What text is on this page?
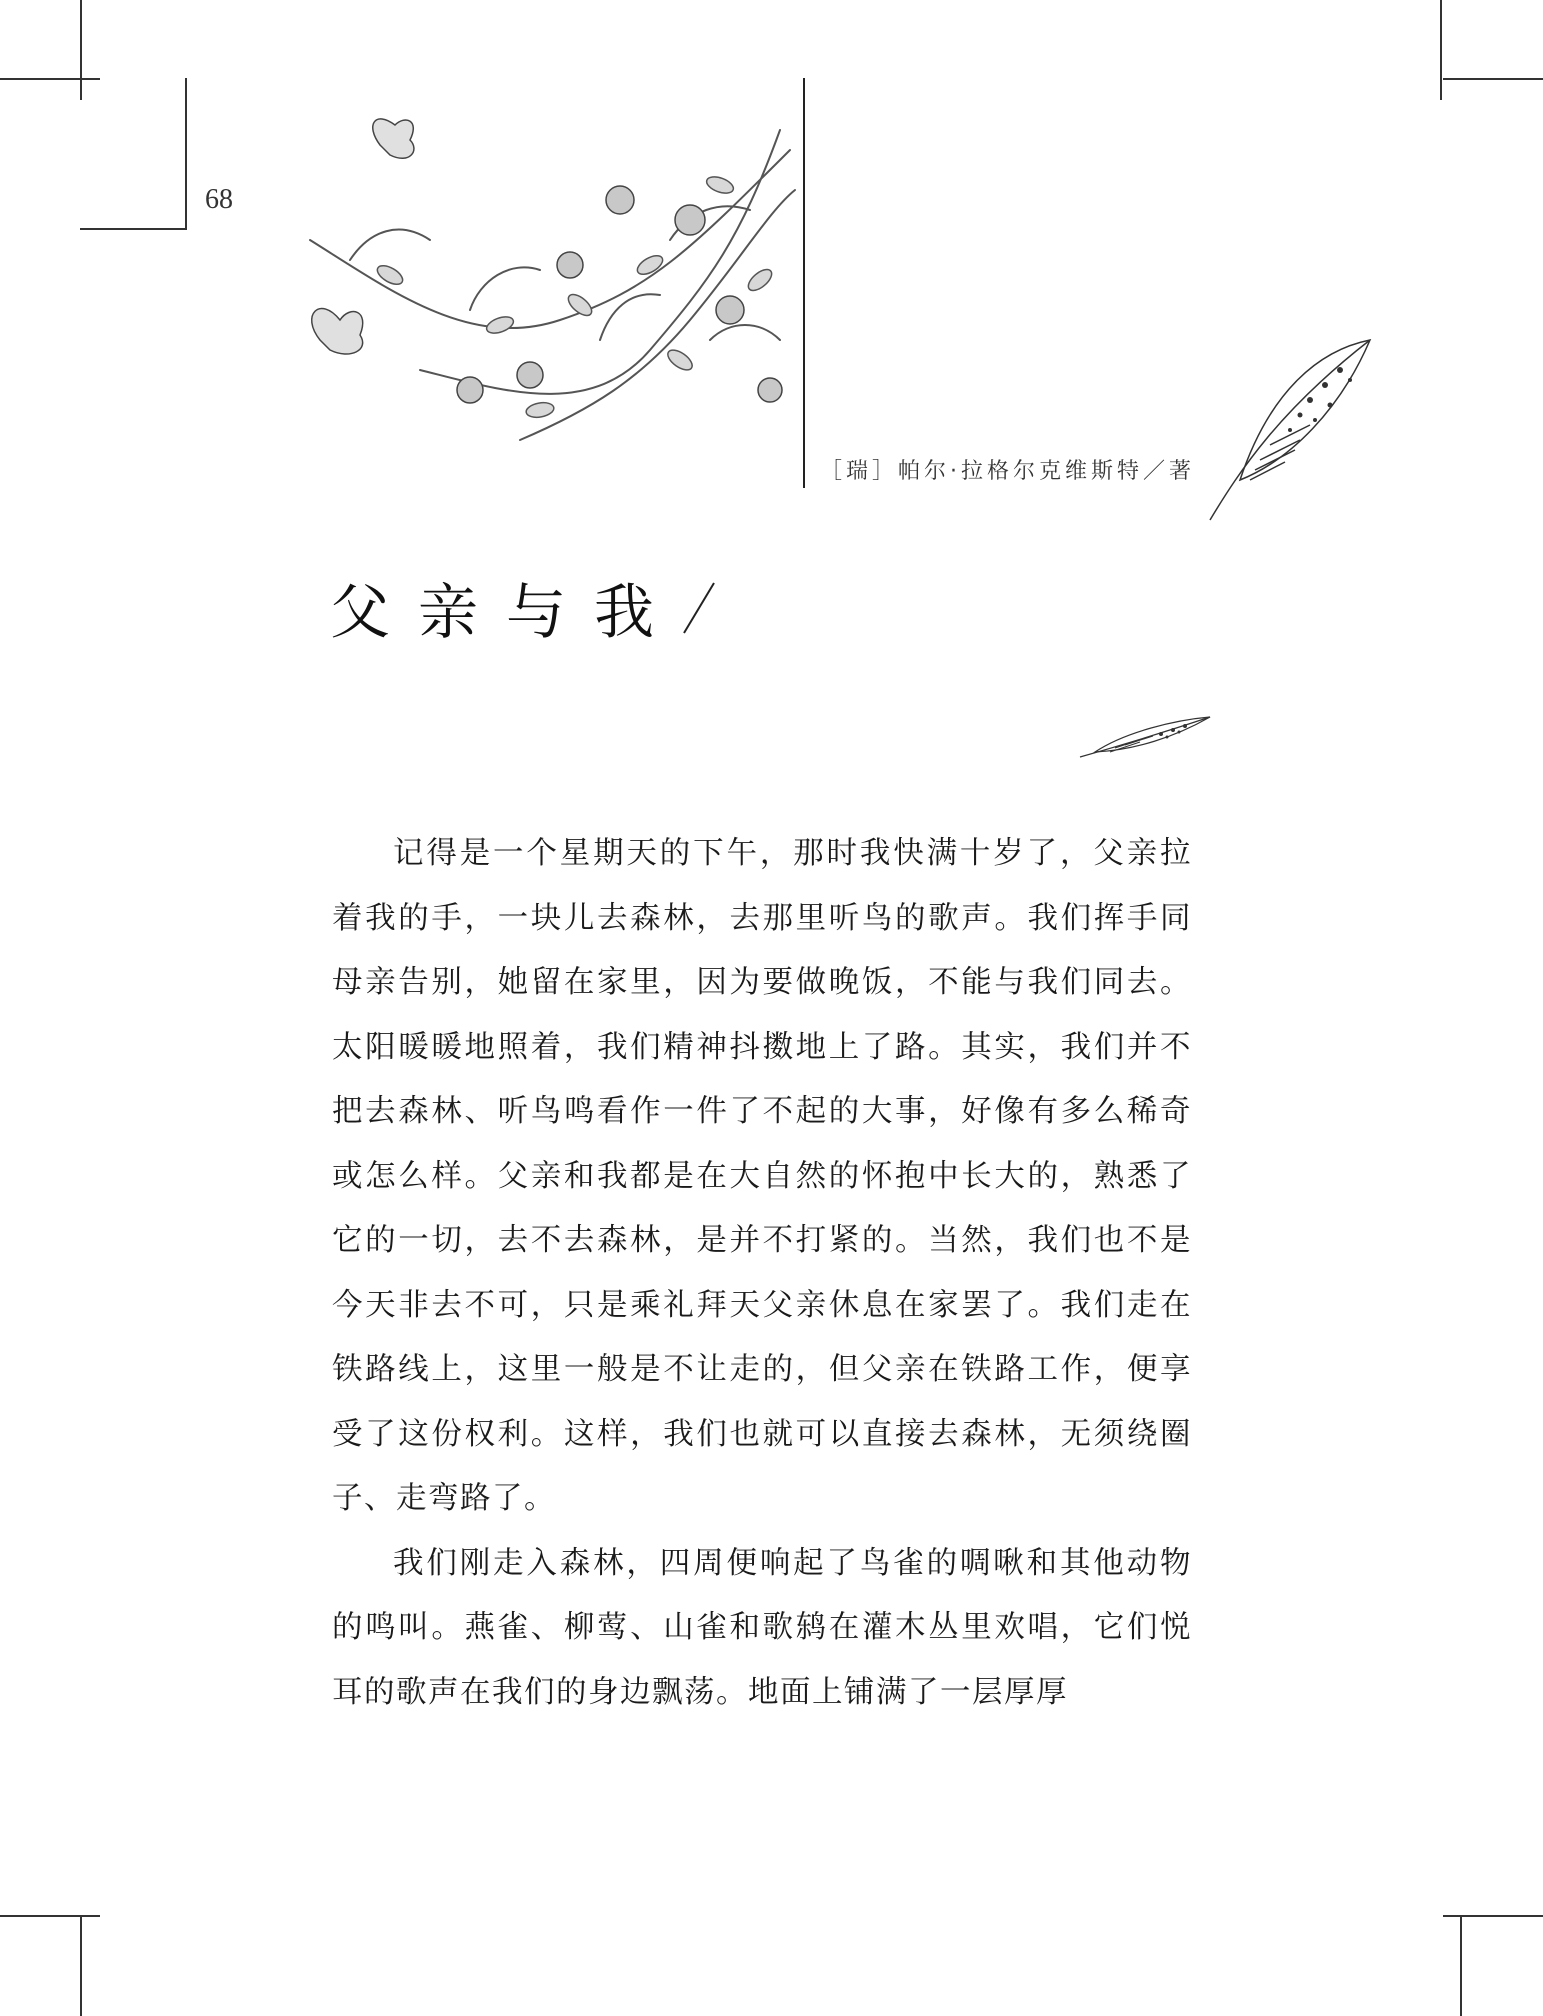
68
［瑞］帕尔·拉格尔克维斯特／著
父亲与我

记得是一个星期天的下午，那时我快满十岁了，父亲拉着我的手，一块儿去森林，去那里听鸟的歌声。我们挥手同母亲告别，她留在家里，因为要做晚饭，不能与我们同去。太阳暖暖地照着，我们精神抖擞地上了路。其实，我们并不把去森林、听鸟鸣看作一件了不起的大事，好像有多么稀奇或怎么样。父亲和我都是在大自然的怀抱中长大的，熟悉了它的一切，去不去森林，是并不打紧的。当然，我们也不是今天非去不可，只是乘礼拜天父亲休息在家罢了。我们走在铁路线上，这里一般是不让走的，但父亲在铁路工作，便享受了这份权利。这样，我们也就可以直接去森林，无须绕圈子、走弯路了。

我们刚走入森林，四周便响起了鸟雀的啁啾和其他动物的鸣叫。燕雀、柳莺、山雀和歌鸫在灌木丛里欢唱，它们悦耳的歌声在我们的身边飘荡。地面上铺满了一层厚厚
